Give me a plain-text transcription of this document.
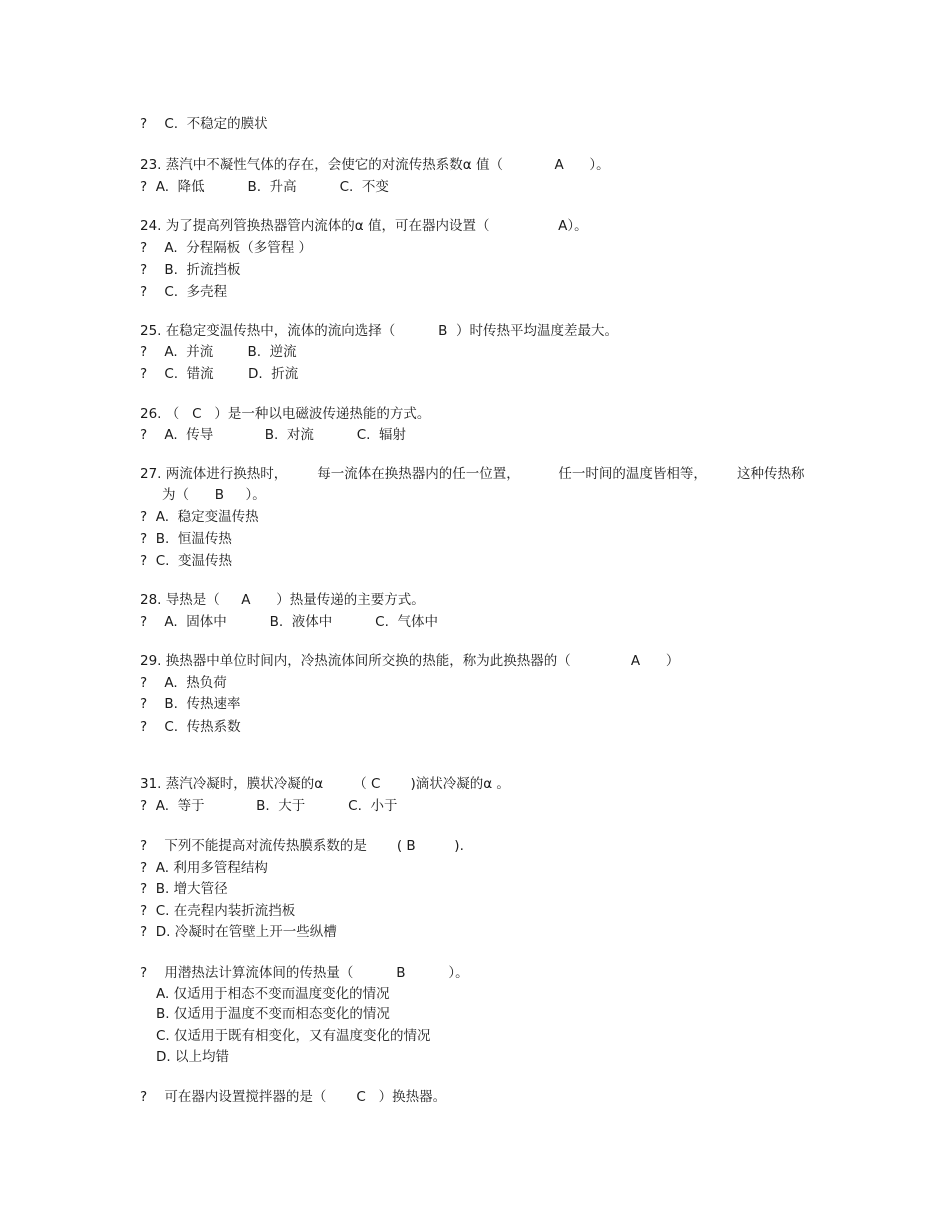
?    C.  不稳定的膜状
23. 蒸汽中不凝性气体的存在，会使它的对流传热系数α 值（            A      ）。
?  A.  降低          B.  升高          C.  不变
24. 为了提高列管换热器管内流体的α 值，可在器内设置（                A）。
?    A.  分程隔板（多管程 ）
?    B.  折流挡板
?    C.  多壳程
25. 在稳定变温传热中，流体的流向选择（          B  ）时传热平均温度差最大。
?    A.  并流        B.  逆流
?    C.  错流        D.  折流
26. （   C   ）是一种以电磁波传递热能的方式。
?    A.  传导            B.  对流          C.  辐射
27. 两流体进行换热时，       每一流体在换热器内的任一位置，         任一时间的温度皆相等，       这种传热称
为（      B     ）。
?  A.  稳定变温传热
?  B.  恒温传热
?  C.  变温传热
28. 导热是（     A      ）热量传递的主要方式。
?    A.  固体中          B.  液体中          C.  气体中
29. 换热器中单位时间内，冷热流体间所交换的热能，称为此换热器的（              A      ）
?    A.  热负荷
?    B.  传热速率
?    C.  传热系数
31. 蒸汽冷凝时，膜状冷凝的α       （ C       )滴状冷凝的α 。
?  A.  等于            B.  大于          C.  小于
?    下列不能提高对流传热膜系数的是       ( B         ).
?  A. 利用多管程结构
?  B. 增大管径
?  C. 在壳程内装折流挡板
?  D. 冷凝时在管壁上开一些纵槽
?    用潜热法计算流体间的传热量（          B          ）。
A. 仅适用于相态不变而温度变化的情况
B. 仅适用于温度不变而相态变化的情况
C. 仅适用于既有相变化，又有温度变化的情况
D. 以上均错
?    可在器内设置搅拌器的是（       C   ）换热器。
